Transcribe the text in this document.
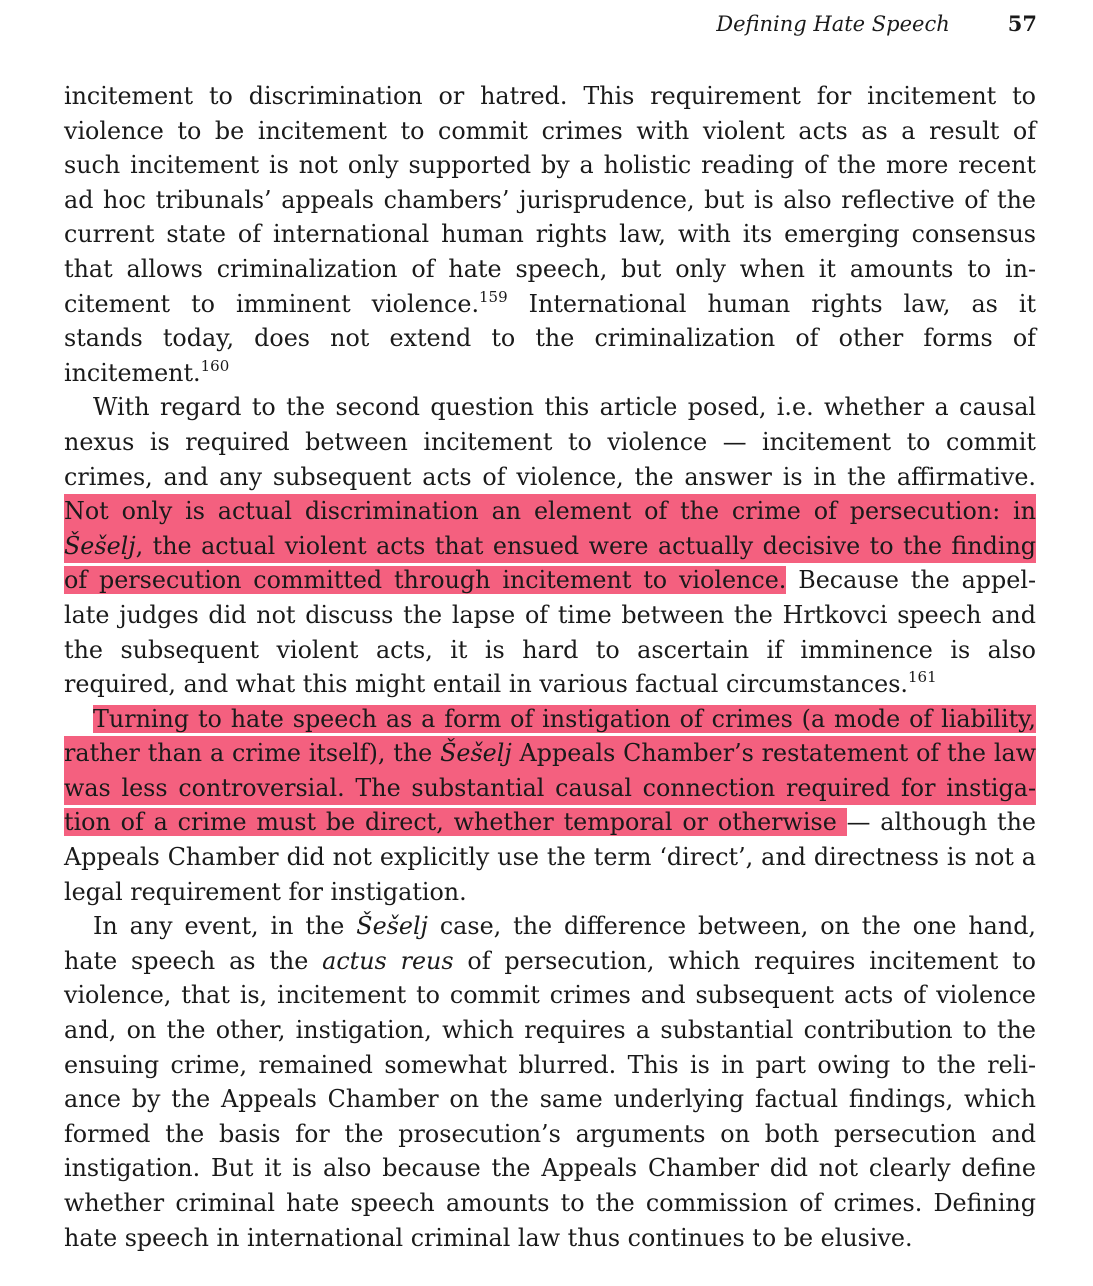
Defining Hate Speech	57
incitement to discrimination or hatred. This requirement for incitement to
violence to be incitement to commit crimes with violent acts as a result of
such incitement is not only supported by a holistic reading of the more recent
ad hoc tribunals’ appeals chambers’ jurisprudence, but is also reflective of the
current state of international human rights law, with its emerging consensus
that allows criminalization of hate speech, but only when it amounts to in-
citement to imminent violence.$^{159}$ International human rights law, as it
stands today, does not extend to the criminalization of other forms of
incitement.$^{160}$
With regard to the second question this article posed, i.e. whether a causal
nexus is required between incitement to violence — incitement to commit
crimes, and any subsequent acts of violence, the answer is in the affirmative.
Not only is actual discrimination an element of the crime of persecution: in
Šešelj, the actual violent acts that ensued were actually decisive to the finding
of persecution committed through incitement to violence. Because the appel-
late judges did not discuss the lapse of time between the Hrtkovci speech and
the subsequent violent acts, it is hard to ascertain if imminence is also
required, and what this might entail in various factual circumstances.$^{161}$
Turning to hate speech as a form of instigation of crimes (a mode of liability,
rather than a crime itself), the Šešelj Appeals Chamber’s restatement of the law
was less controversial. The substantial causal connection required for instiga-
tion of a crime must be direct, whether temporal or otherwise — although the
Appeals Chamber did not explicitly use the term ‘direct’, and directness is not a
legal requirement for instigation.
In any event, in the Šešelj case, the difference between, on the one hand,
hate speech as the actus reus of persecution, which requires incitement to
violence, that is, incitement to commit crimes and subsequent acts of violence
and, on the other, instigation, which requires a substantial contribution to the
ensuing crime, remained somewhat blurred. This is in part owing to the reli-
ance by the Appeals Chamber on the same underlying factual findings, which
formed the basis for the prosecution’s arguments on both persecution and
instigation. But it is also because the Appeals Chamber did not clearly define
whether criminal hate speech amounts to the commission of crimes. Defining
hate speech in international criminal law thus continues to be elusive.
